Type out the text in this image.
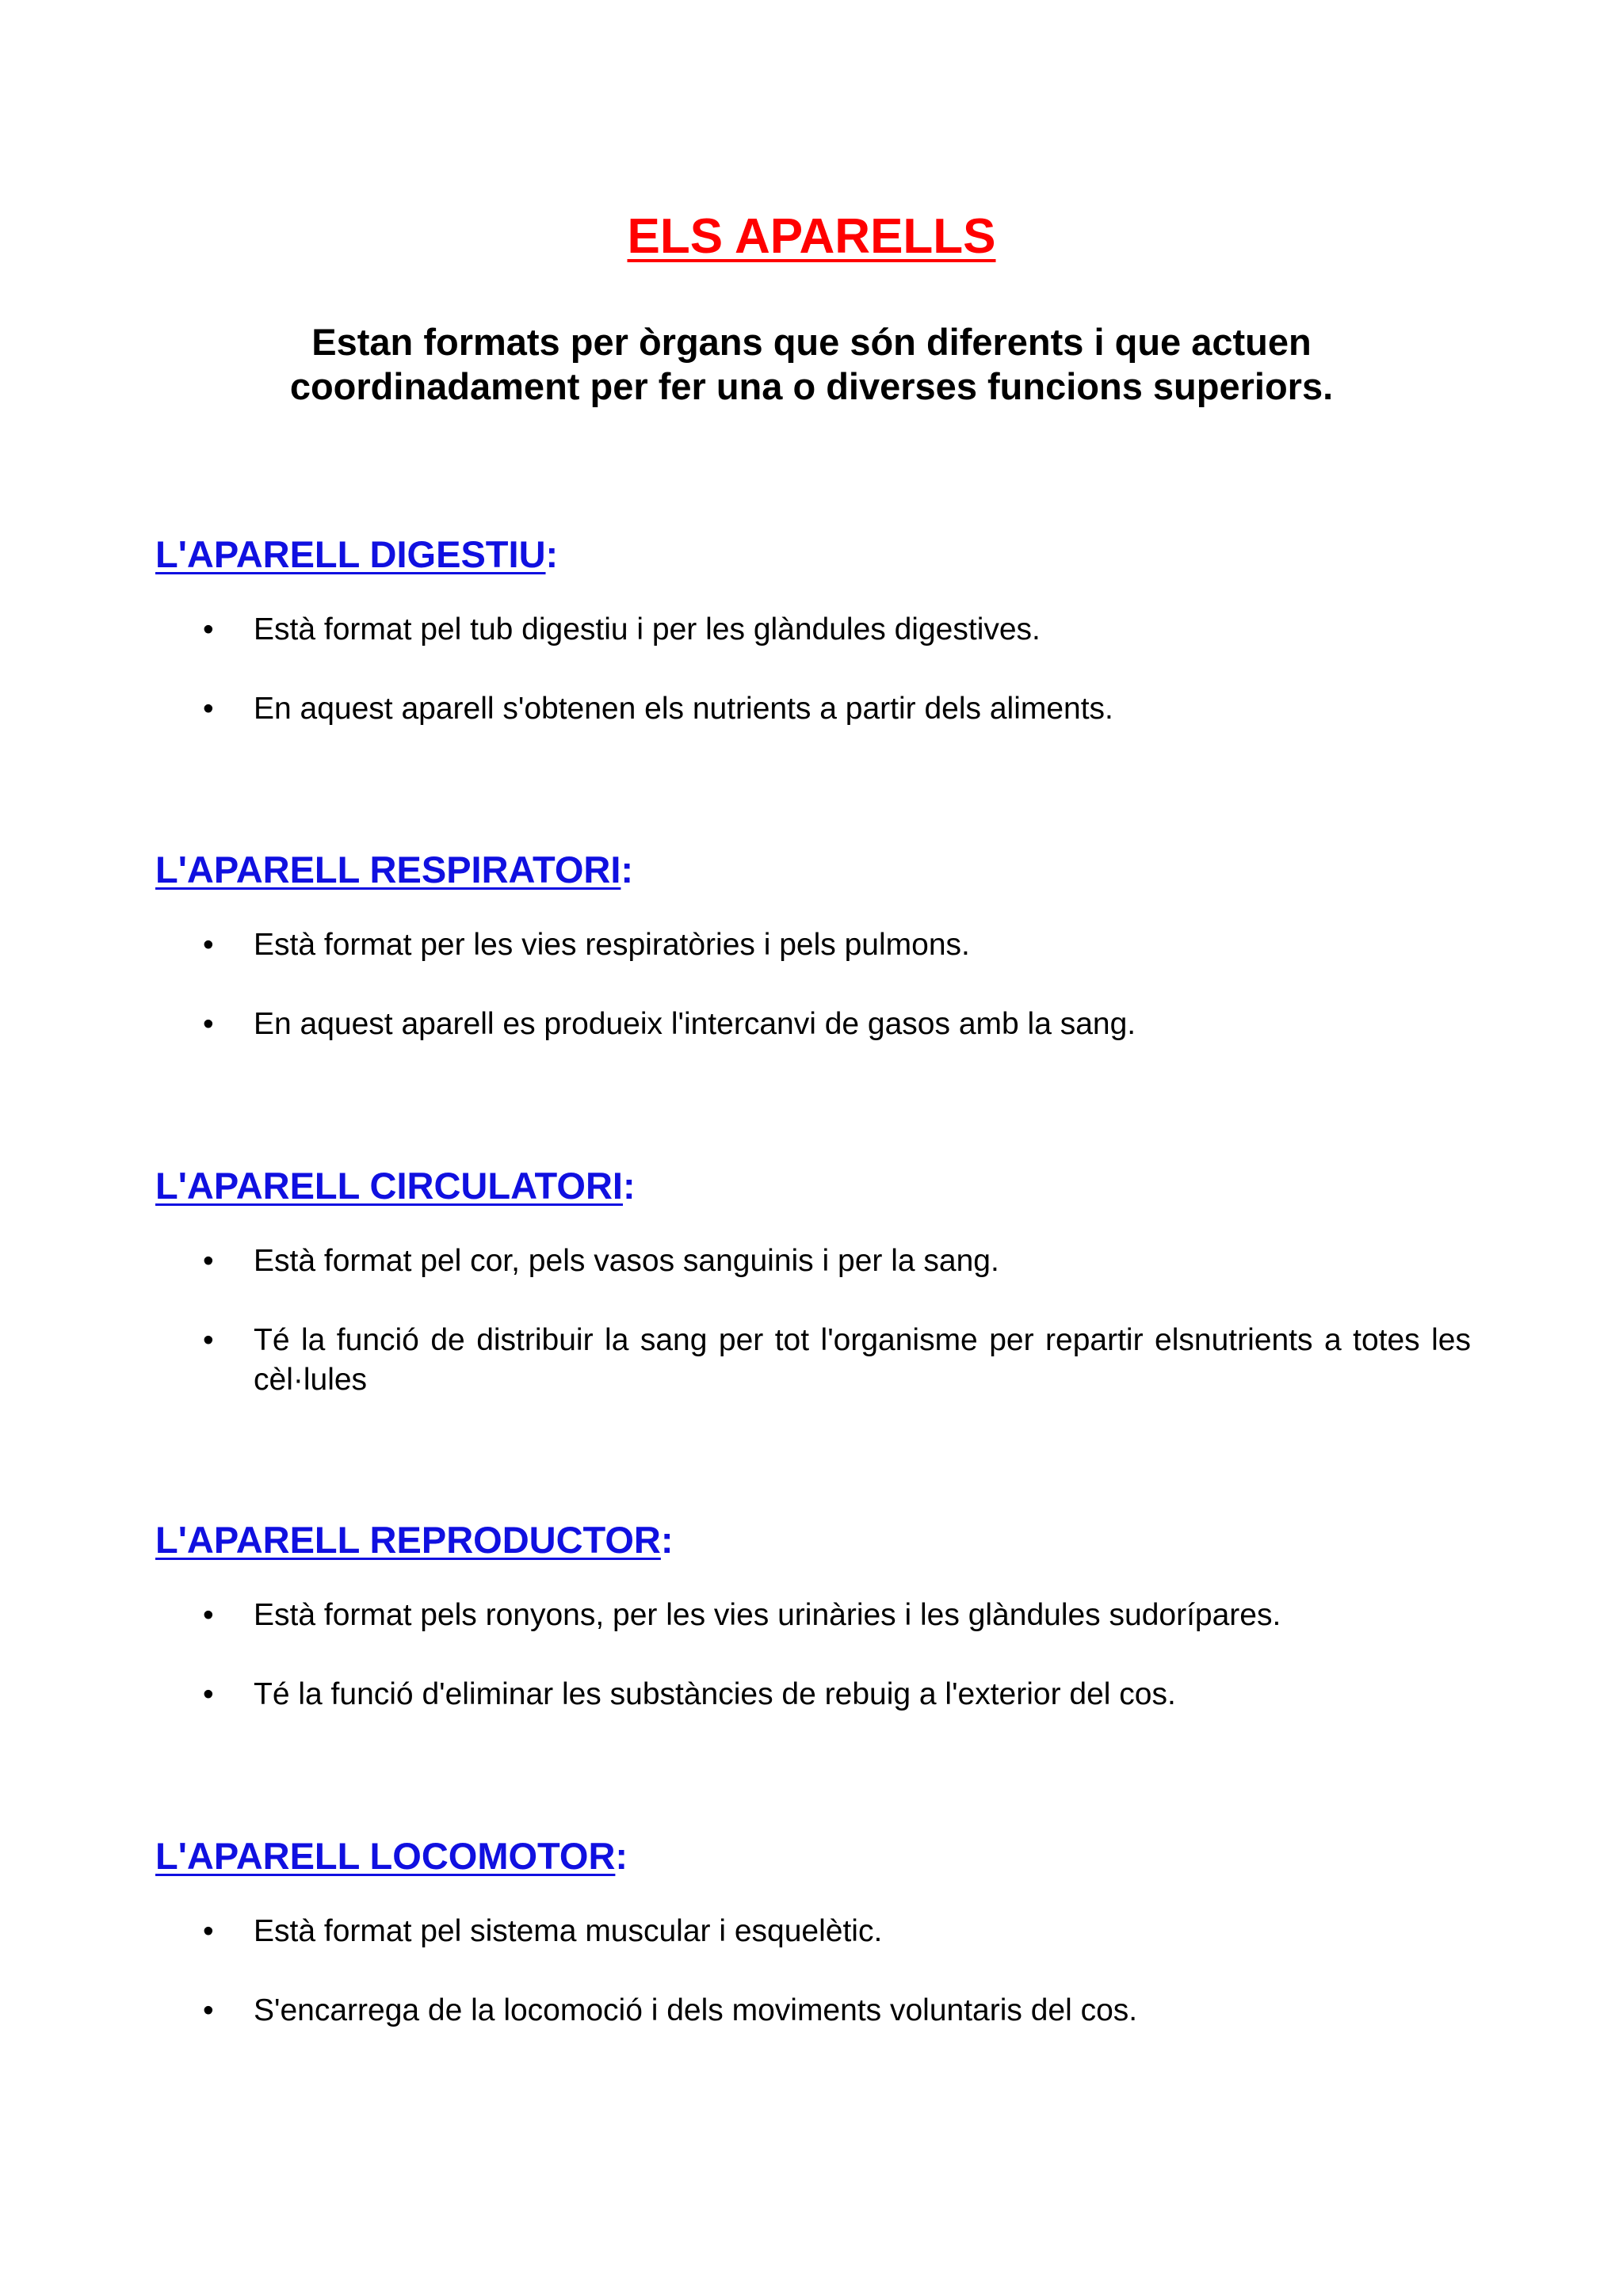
ELS APARELLS

Estan formats per òrgans que són diferents i que actuen coordinadament per fer una o diverses funcions superiors.

L'APARELL DIGESTIU:
• Està format pel tub digestiu i per les glàndules digestives.
• En aquest aparell s'obtenen els nutrients a partir dels aliments.
L'APARELL RESPIRATORI:
• Està format per les vies respiratòries i pels pulmons.
• En aquest aparell es produeix l'intercanvi de gasos amb la sang.
L'APARELL CIRCULATORI:
• Està format pel cor, pels vasos sanguinis i per la sang.
• Té la funció de distribuir la sang per tot l'organisme per repartir elsnutrients a totes les cèl·lules
L'APARELL REPRODUCTOR:
• Està format pels ronyons, per les vies urinàries i les glàndules sudorípares.
• Té la funció d'eliminar les substàncies de rebuig a l'exterior del cos.
L'APARELL LOCOMOTOR:
• Està format pel sistema muscular i esquelètic.
• S'encarrega de la locomoció i dels moviments voluntaris del cos.
